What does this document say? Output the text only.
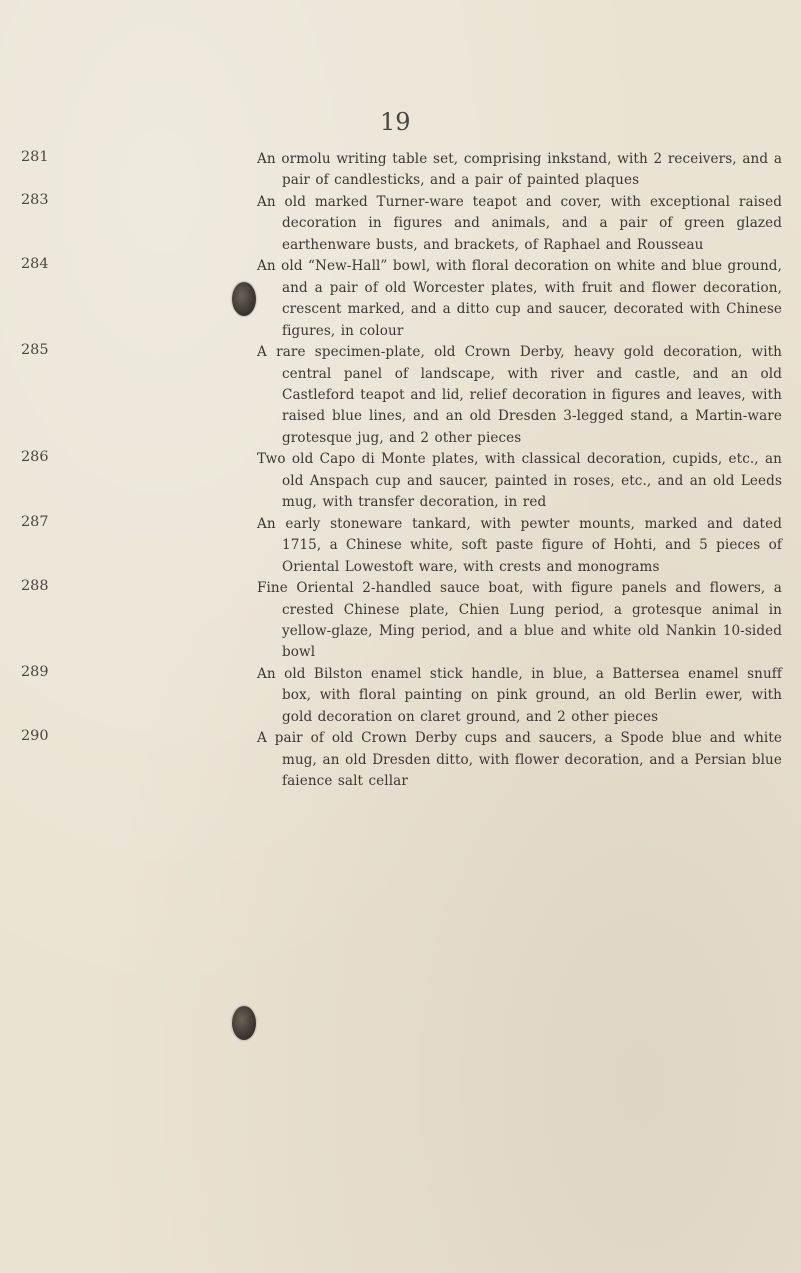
19
281	An ormolu writing table set, comprising inkstand, with 2 receivers, and a pair of candlesticks, and a pair of painted plaques

283	An old marked Turner-ware teapot and cover, with exceptional raised decoration in figures and animals, and a pair of green glazed earthenware busts, and brackets, of Raphael and Rousseau

284	An old “New-Hall” bowl, with floral decoration on white and blue ground, and a pair of old Worcester plates, with fruit and flower decoration, crescent marked, and a ditto cup and saucer, decorated with Chinese figures, in colour

285	A rare specimen-plate, old Crown Derby, heavy gold decoration, with central panel of landscape, with river and castle, and an old Castleford teapot and lid, relief decoration in figures and leaves, with raised blue lines, and an old Dresden 3-legged stand, a Martin-ware grotesque jug, and 2 other pieces

286	Two old Capo di Monte plates, with classical decoration, cupids, etc., an old Anspach cup and saucer, painted in roses, etc., and an old Leeds mug, with transfer decoration, in red

287	An early stoneware tankard, with pewter mounts, marked and dated 1715, a Chinese white, soft paste figure of Hohti, and 5 pieces of Oriental Lowestoft ware, with crests and monograms

288	Fine Oriental 2-handled sauce boat, with figure panels and flowers, a crested Chinese plate, Chien Lung period, a grotesque animal in yellow-glaze, Ming period, and a blue and white old Nankin 10-sided bowl

289	An old Bilston enamel stick handle, in blue, a Battersea enamel snuff box, with floral painting on pink ground, an old Berlin ewer, with gold decoration on claret ground, and 2 other pieces

290	A pair of old Crown Derby cups and saucers, a Spode blue and white mug, an old Dresden ditto, with flower decoration, and a Persian blue faience salt cellar
